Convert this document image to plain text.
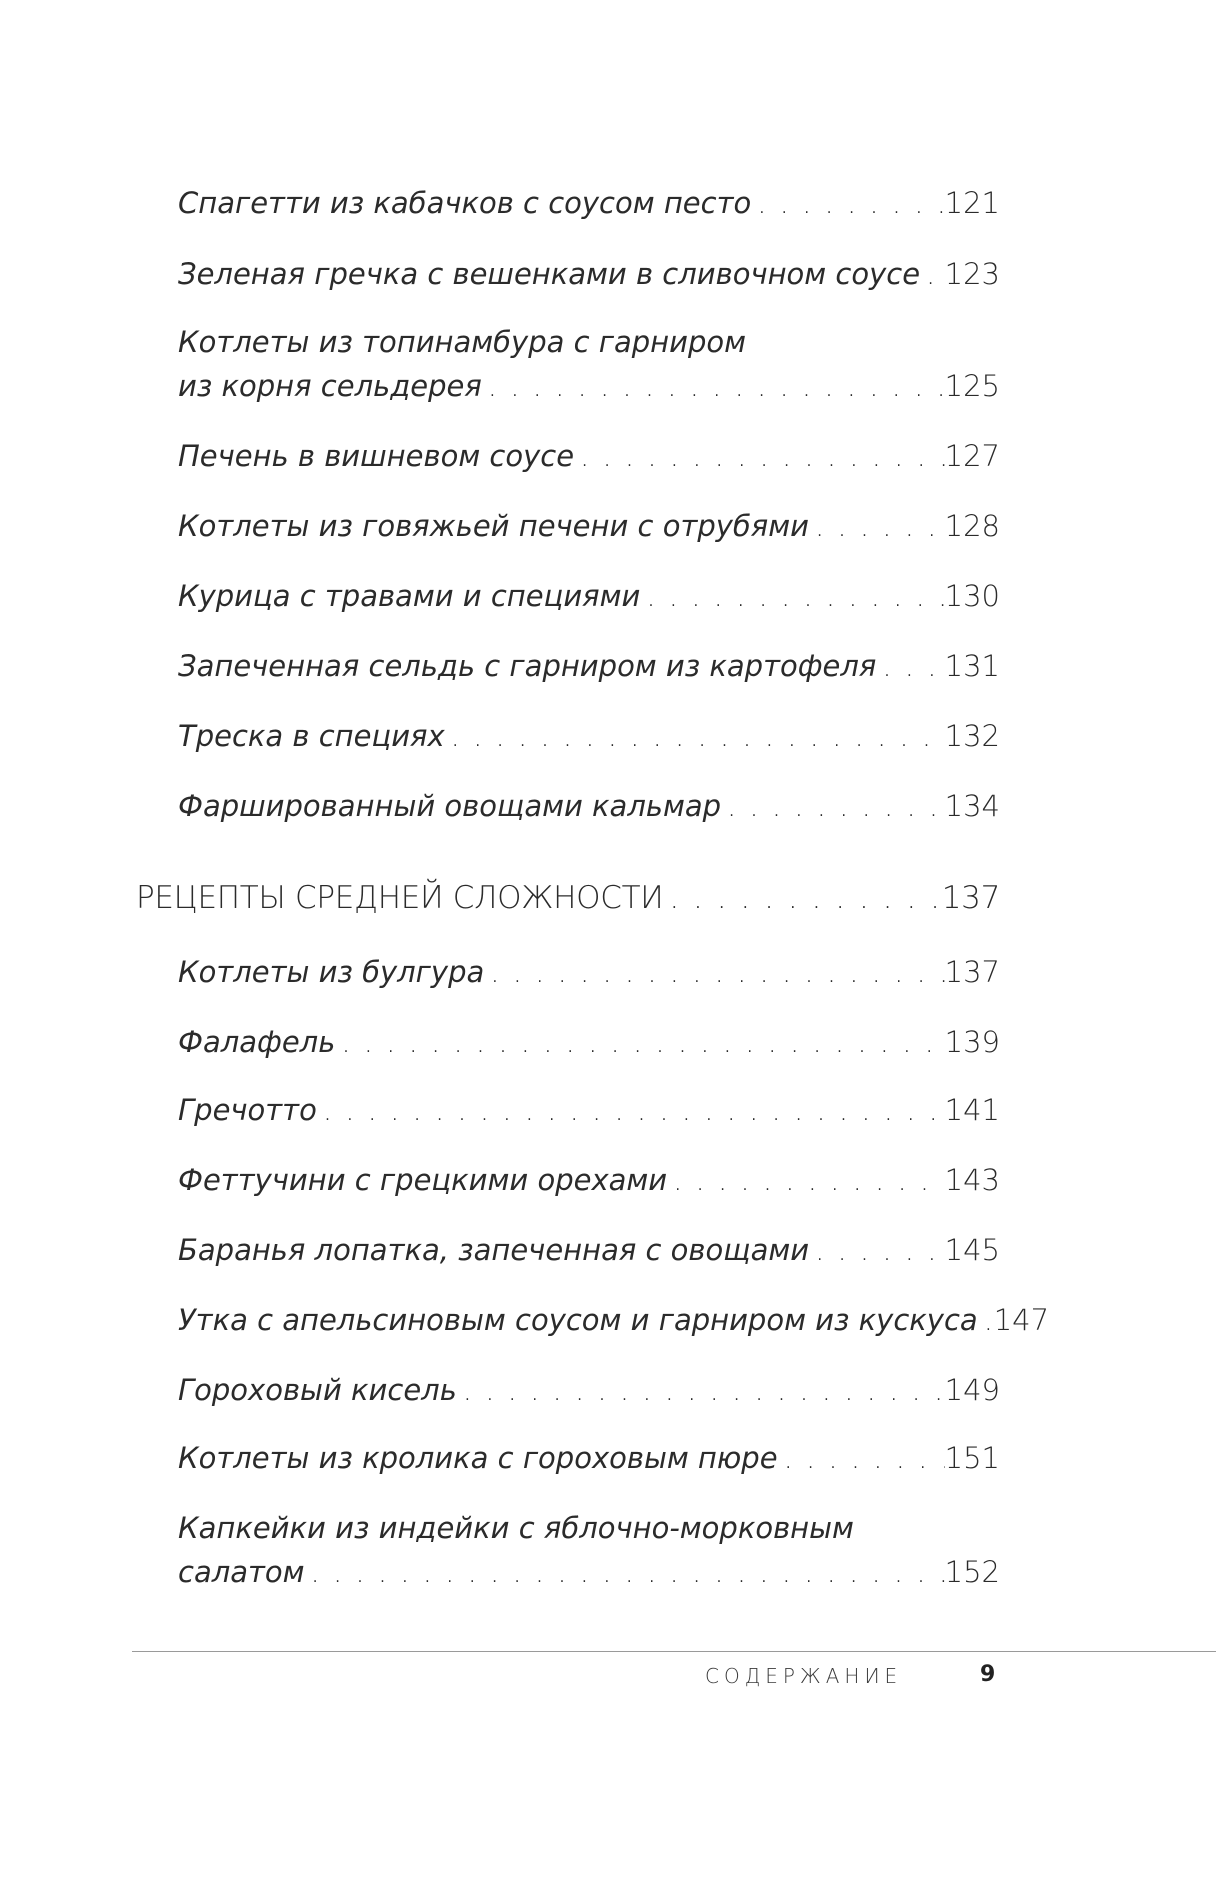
Спагетти из кабачков с соусом песто . . .	121
Зеленая гречка с вешенками в сливочном соусе . . . 123
Котлеты из топинамбура с гарниром
из корня сельдерея . . .	125
Печень в вишневом соусе . . .	127
Котлеты из говяжьей печени с отрубями . . .	128
Курица с травами и специями . . .	130
Запеченная сельдь с гарниром из картофеля . . . 131
Треска в специях . . .	132
Фаршированный овощами кальмар . . .	134
РЕЦЕПТЫ СРЕДНЕЙ СЛОЖНОСТИ . . .	137
Котлеты из булгура . . .	137
Фалафель . . .	139
Гречотто . . .	141
Феттучини с грецкими орехами . . .	143
Баранья лопатка, запеченная с овощами . . .	145
Утка с апельсиновым соусом и гарниром из кускуса . . . 147
Гороховый кисель . . .	149
Котлеты из кролика с гороховым пюре . . .	151
Капкейки из индейки с яблочно-морковным
салатом . . .	152
СОДЕРЖАНИЕ	9
